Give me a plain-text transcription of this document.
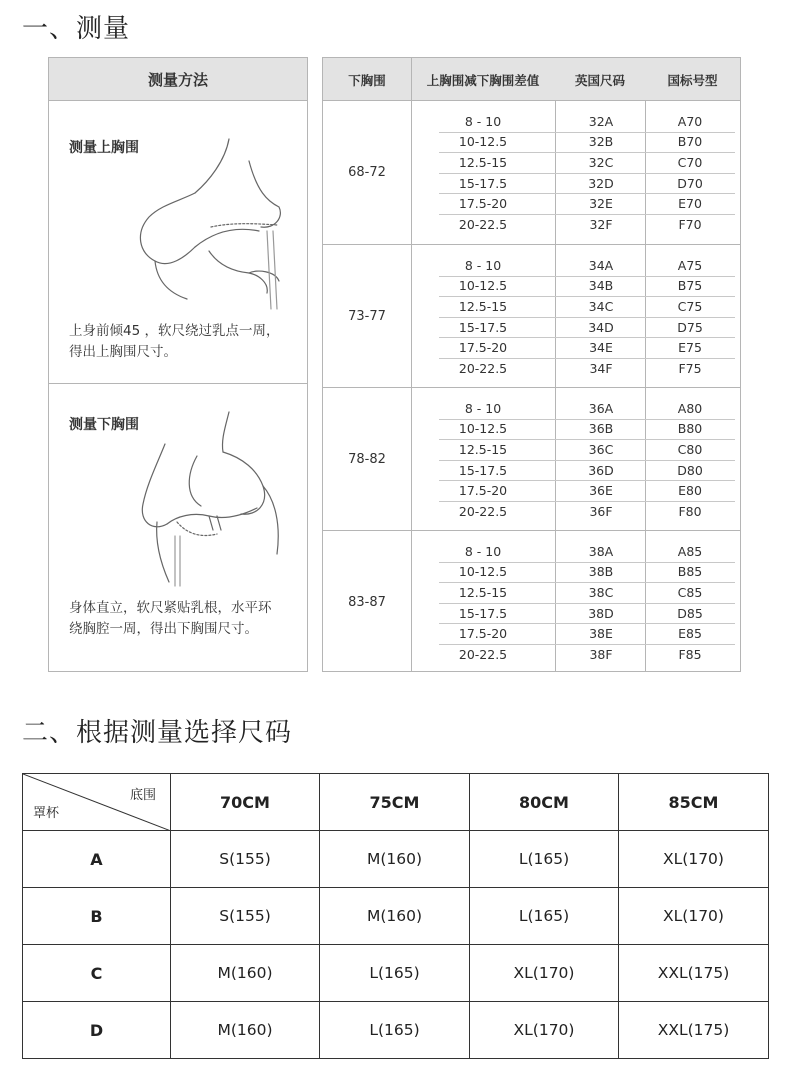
一、测量
二、根据测量选择尺码
测量方法
测量上胸围
上身前倾45 ，软尺绕过乳点一周，
得出上胸围尺寸。
测量下胸围
身体直立，软尺紧贴乳根，水平环
绕胸腔一周，得出下胸围尺寸。
下胸围	上胸围减下胸围差值	英国尺码	国标号型
68-72
8 - 10	32A	A70
10-12.5	32B	B70
12.5-15	32C	C70
15-17.5	32D	D70
17.5-20	32E	E70
20-22.5	32F	F70
73-77
8 - 10	34A	A75
10-12.5	34B	B75
12.5-15	34C	C75
15-17.5	34D	D75
17.5-20	34E	E75
20-22.5	34F	F75
78-82
8 - 10	36A	A80
10-12.5	36B	B80
12.5-15	36C	C80
15-17.5	36D	D80
17.5-20	36E	E80
20-22.5	36F	F80
83-87
8 - 10	38A	A85
10-12.5	38B	B85
12.5-15	38C	C85
15-17.5	38D	D85
17.5-20	38E	E85
20-22.5	38F	F85
底围
罩杯	70CM	75CM	80CM	85CM
A	S(155)	M(160)	L(165)	XL(170)
B	S(155)	M(160)	L(165)	XL(170)
C	M(160)	L(165)	XL(170)	XXL(175)
D	M(160)	L(165)	XL(170)	XXL(175)
